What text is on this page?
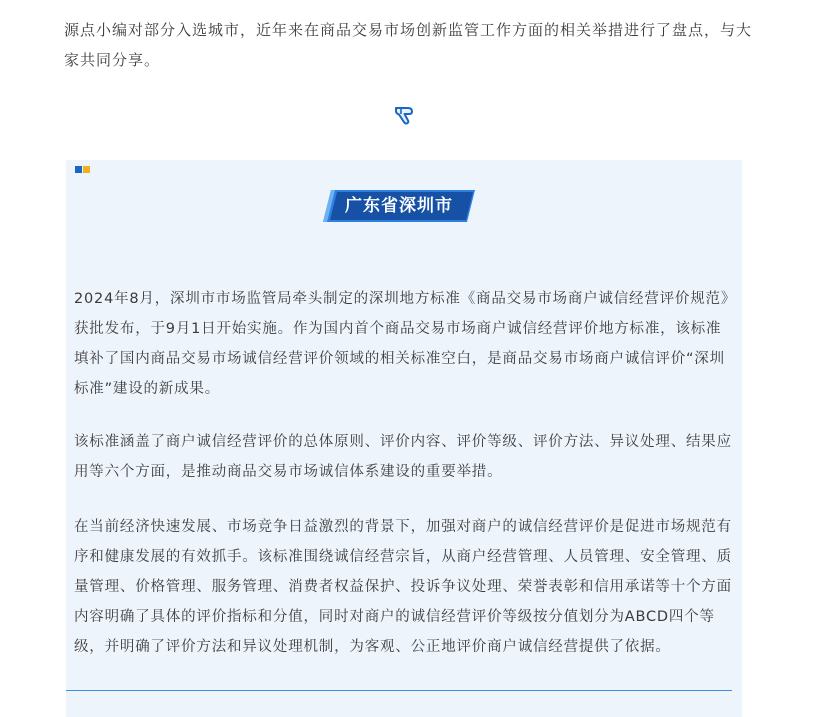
源点小编对部分入选城市，近年来在商品交易市场创新监管工作方面的相关举措进行了盘点，与大家共同分享。
广东省深圳市
2024年8月，深圳市市场监管局牵头制定的深圳地方标准《商品交易市场商户诚信经营评价规范》获批发布，于9月1日开始实施。作为国内首个商品交易市场商户诚信经营评价地方标准，该标准填补了国内商品交易市场诚信经营评价领域的相关标准空白，是商品交易市场商户诚信评价“深圳标准”建设的新成果。
该标准涵盖了商户诚信经营评价的总体原则、评价内容、评价等级、评价方法、异议处理、结果应用等六个方面，是推动商品交易市场诚信体系建设的重要举措。
在当前经济快速发展、市场竞争日益激烈的背景下，加强对商户的诚信经营评价是促进市场规范有序和健康发展的有效抓手。该标准围绕诚信经营宗旨，从商户经营管理、人员管理、安全管理、质量管理、价格管理、服务管理、消费者权益保护、投诉争议处理、荣誉表彰和信用承诺等十个方面内容明确了具体的评价指标和分值，同时对商户的诚信经营评价等级按分值划分为ABCD四个等级，并明确了评价方法和异议处理机制，为客观、公正地评价商户诚信经营提供了依据。
